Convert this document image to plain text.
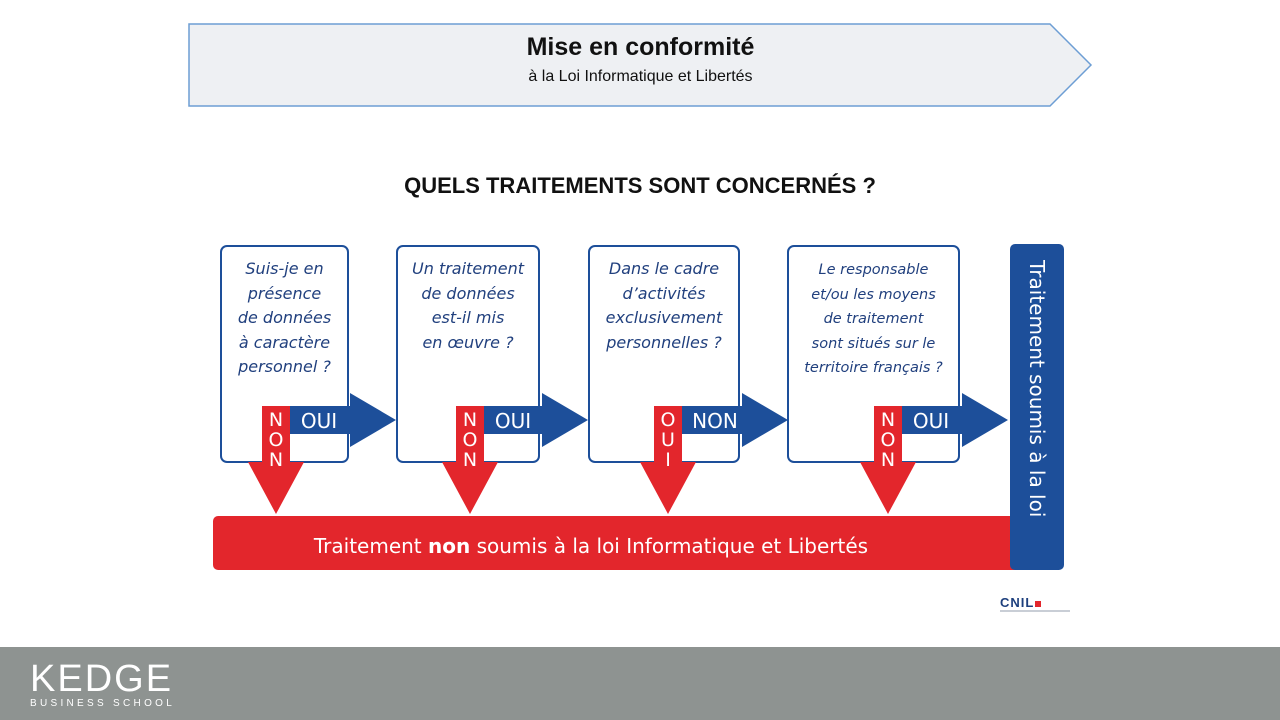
Mise en conformité
à la Loi Informatique et Libertés
QUELS TRAITEMENTS SONT CONCERNÉS ?
Traitement non soumis à la loi Informatique et Libertés
Traitement soumis à la loi
OUI	OUI	NON	OUI
N O N
N O N
O U I
N O N
Suis-je en
présence
de données
à caractère
personnel ?
Un traitement
de données
est-il mis
en œuvre ?
Dans le cadre
d’activités
exclusivement
personnelles ?
Le responsable
et/ou les moyens
de traitement
sont situés sur le
territoire français ?
CNIL
KEDGE
BUSINESS SCHOOL
